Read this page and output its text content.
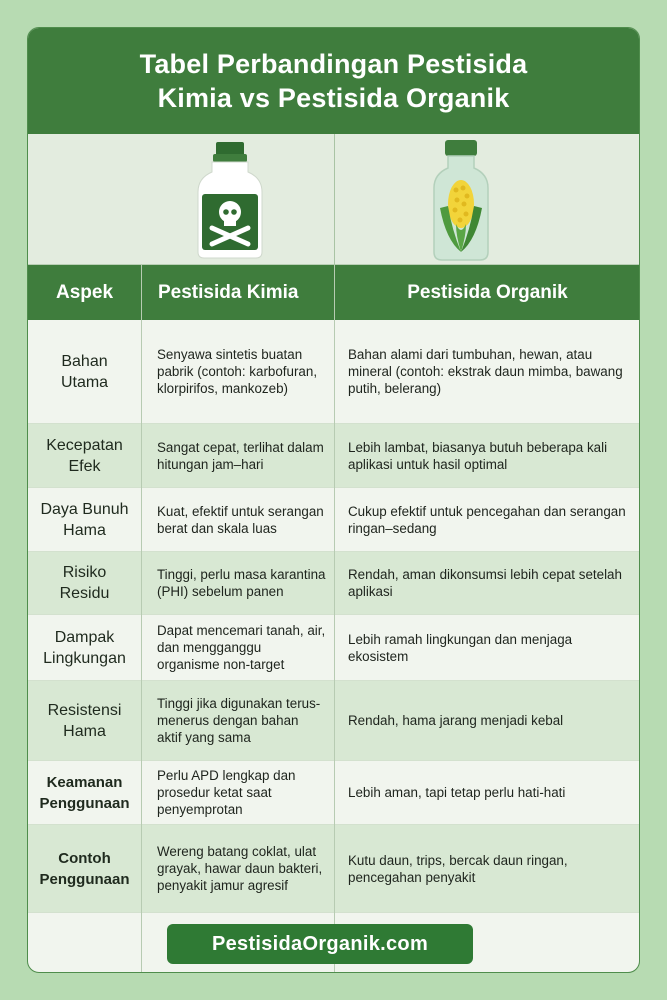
Tabel Perbandingan Pestisida
Kimia vs Pestisida Organik
Aspek	Pestisida Kimia	Pestisida Organik
Bahan Utama
Senyawa sintetis buatan pabrik (contoh: karbofuran, klorpirifos, mankozeb)
Bahan alami dari tumbuhan, hewan, atau mineral (contoh: ekstrak daun mimba, bawang putih, belerang)
Kecepatan Efek
Sangat cepat, terlihat dalam hitungan jam–hari
Lebih lambat, biasanya butuh beberapa kali aplikasi untuk hasil optimal
Daya Bunuh Hama
Kuat, efektif untuk serangan berat dan skala luas
Cukup efektif untuk pencegahan dan serangan ringan–sedang
Risiko Residu
Tinggi, perlu masa karantina (PHI) sebelum panen
Rendah, aman dikonsumsi lebih cepat setelah aplikasi
Dampak Lingkungan
Dapat mencemari tanah, air, dan mengganggu organisme non-target
Lebih ramah lingkungan dan menjaga ekosistem
Resistensi Hama
Tinggi jika digunakan terus-menerus dengan bahan aktif yang sama
Rendah, hama jarang menjadi kebal
Keamanan Penggunaan
Perlu APD lengkap dan prosedur ketat saat penyemprotan
Lebih aman, tapi tetap perlu hati-hati
Contoh Penggunaan
Wereng batang coklat, ulat grayak, hawar daun bakteri, penyakit jamur agresif
Kutu daun, trips, bercak daun ringan, pencegahan penyakit
PestisidaOrganik.com
